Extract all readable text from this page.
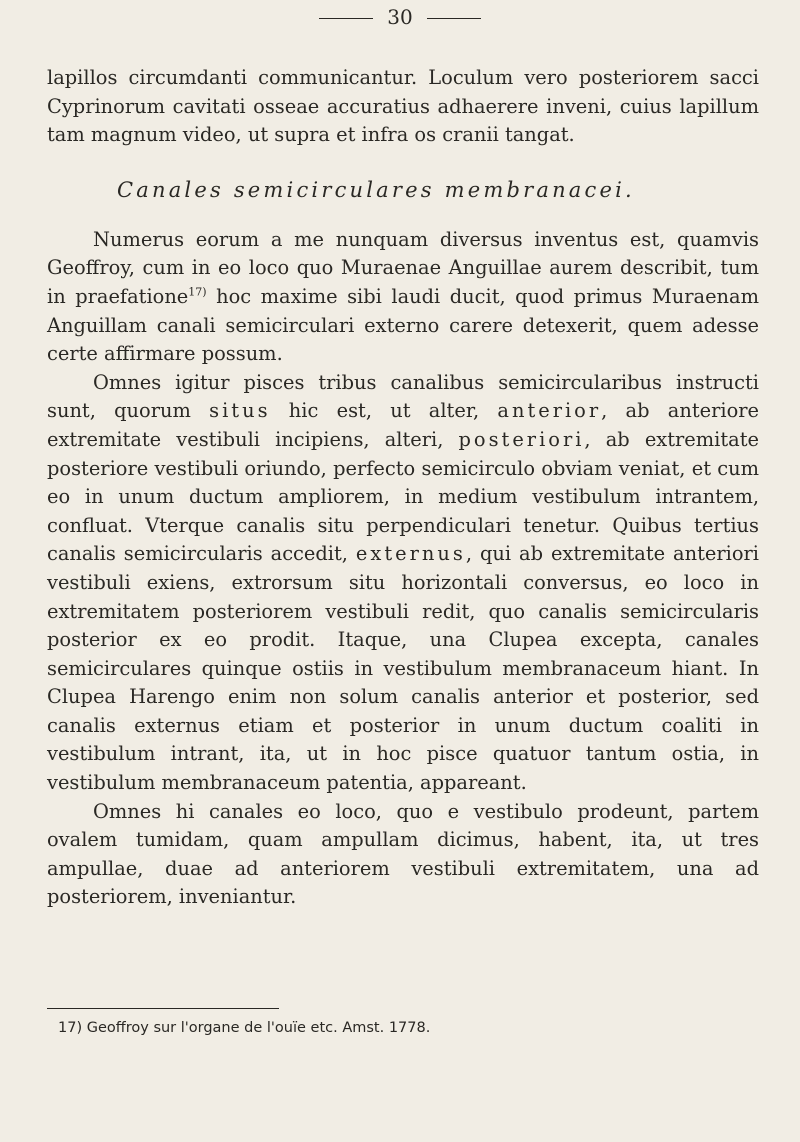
30

lapillos circumdanti communicantur. Loculum vero posteriorem sacci Cyprinorum cavitati osseae accuratius adhaerere inveni, cuius lapillum tam magnum video, ut supra et infra os cranii tangat.

Canales semicirculares membranacei.

Numerus eorum a me nunquam diversus inventus est, quamvis Geoffroy, cum in eo loco quo Muraenae Anguillae aurem describit, tum in praefatione$^{17)}$ hoc maxime sibi laudi ducit, quod primus Muraenam Anguillam canali semicirculari externo carere detexerit, quem adesse certe affirmare possum.

Omnes igitur pisces tribus canalibus semicircularibus instructi sunt, quorum situs hic est, ut alter, anterior, ab anteriore extremitate vestibuli incipiens, alteri, posteriori, ab extremitate posteriore vestibuli oriundo, perfecto semicirculo obviam veniat, et cum eo in unum ductum ampliorem, in medium vestibulum intrantem, confluat. Vterque canalis situ perpendiculari tenetur. Quibus tertius canalis semicircularis accedit, externus, qui ab extremitate anteriori vestibuli exiens, extrorsum situ horizontali conversus, eo loco in extremitatem posteriorem vestibuli redit, quo canalis semicircularis posterior ex eo prodit. Itaque, una Clupea excepta, canales semicirculares quinque ostiis in vestibulum membranaceum hiant. In Clupea Harengo enim non solum canalis anterior et posterior, sed canalis externus etiam et posterior in unum ductum coaliti in vestibulum intrant, ita, ut in hoc pisce quatuor tantum ostia, in vestibulum membranaceum patentia, appareant.

Omnes hi canales eo loco, quo e vestibulo prodeunt, partem ovalem tumidam, quam ampullam dicimus, habent, ita, ut tres ampullae, duae ad anteriorem vestibuli extremitatem, una ad posteriorem, inveniantur.

17) Geoffroy sur l'organe de l'ouïe etc. Amst. 1778.
